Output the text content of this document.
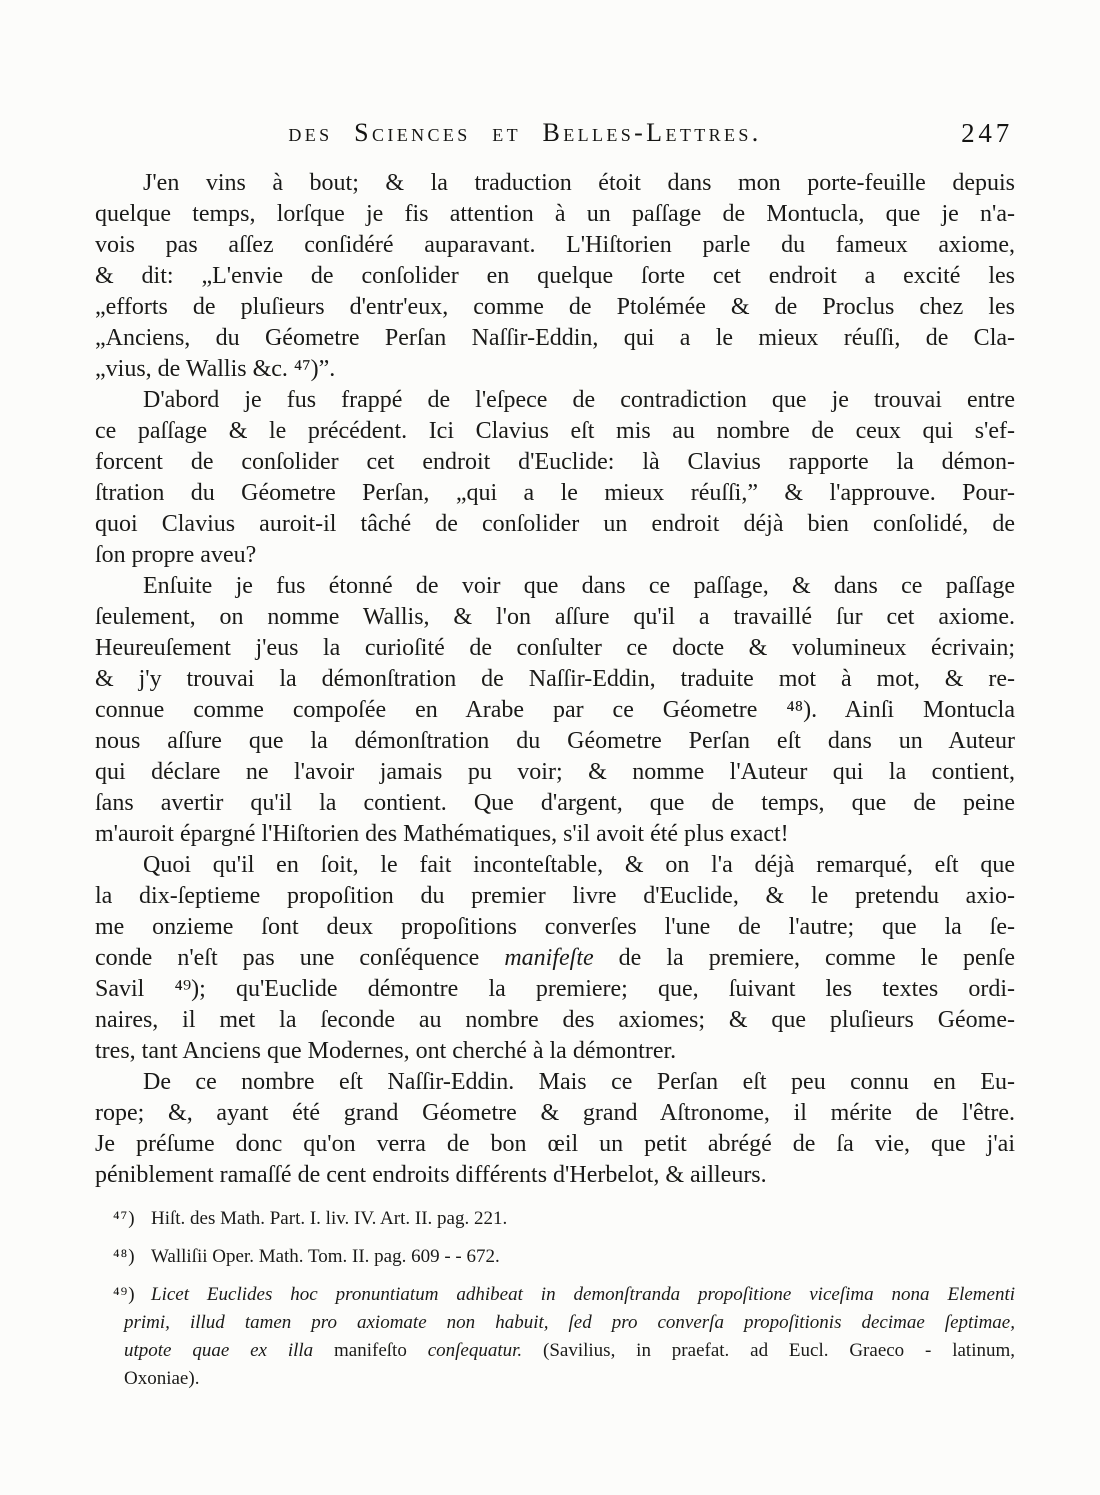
des Sciences et Belles-Lettres.	247
J'en vins à bout; & la traduction étoit dans mon porte-feuille depuis
quelque temps, lorſque je fis attention à un paſſage de Montucla, que je n'a-
vois pas aſſez conſidéré auparavant. L'Hiſtorien parle du fameux axiome,
& dit: „L'envie de conſolider en quelque ſorte cet endroit a excité les
„efforts de pluſieurs d'entr'eux, comme de Ptolémée & de Proclus chez les
„Anciens, du Géometre Perſan Naſſir-Eddin, qui a le mieux réuſſi, de Cla-
„vius, de Wallis &c. ⁴⁷)”.
D'abord je fus frappé de l'eſpece de contradiction que je trouvai entre
ce paſſage & le précédent. Ici Clavius eſt mis au nombre de ceux qui s'ef-
forcent de conſolider cet endroit d'Euclide: là Clavius rapporte la démon-
ſtration du Géometre Perſan, „qui a le mieux réuſſi,” & l'approuve. Pour-
quoi Clavius auroit-il tâché de conſolider un endroit déjà bien conſolidé, de
ſon propre aveu?
Enſuite je fus étonné de voir que dans ce paſſage, & dans ce paſſage
ſeulement, on nomme Wallis, & l'on aſſure qu'il a travaillé ſur cet axiome.
Heureuſement j'eus la curioſité de conſulter ce docte & volumineux écrivain;
& j'y trouvai la démonſtration de Naſſir-Eddin, traduite mot à mot, & re-
connue comme compoſée en Arabe par ce Géometre ⁴⁸). Ainſi Montucla
nous aſſure que la démonſtration du Géometre Perſan eſt dans un Auteur
qui déclare ne l'avoir jamais pu voir; & nomme l'Auteur qui la contient,
ſans avertir qu'il la contient. Que d'argent, que de temps, que de peine
m'auroit épargné l'Hiſtorien des Mathématiques, s'il avoit été plus exact!
Quoi qu'il en ſoit, le fait inconteſtable, & on l'a déjà remarqué, eſt que
la dix-ſeptieme propoſition du premier livre d'Euclide, & le pretendu axio-
me onzieme ſont deux propoſitions converſes l'une de l'autre; que la ſe-
conde n'eſt pas une conſéquence manifeſte de la premiere, comme le penſe
Savil ⁴⁹); qu'Euclide démontre la premiere; que, ſuivant les textes ordi-
naires, il met la ſeconde au nombre des axiomes; & que pluſieurs Géome-
tres, tant Anciens que Modernes, ont cherché à la démontrer.
De ce nombre eſt Naſſir-Eddin. Mais ce Perſan eſt peu connu en Eu-
rope; &, ayant été grand Géometre & grand Aſtronome, il mérite de l'être.
Je préſume donc qu'on verra de bon œil un petit abrégé de ſa vie, que j'ai
péniblement ramaſſé de cent endroits différents d'Herbelot, & ailleurs.
⁴⁷) Hiſt. des Math. Part. I. liv. IV. Art. II. pag. 221.
⁴⁸) Walliſii Oper. Math. Tom. II. pag. 609 - - 672.
⁴⁹) Licet Euclides hoc pronuntiatum adhibeat in demonſtranda propoſitione viceſima nona Elementi
primi, illud tamen pro axiomate non habuit, ſed pro converſa propoſitionis decimae ſeptimae,
utpote quae ex illa manifeſto conſequatur. (Savilius, in praefat. ad Eucl. Graeco - latinum,
Oxoniae).
